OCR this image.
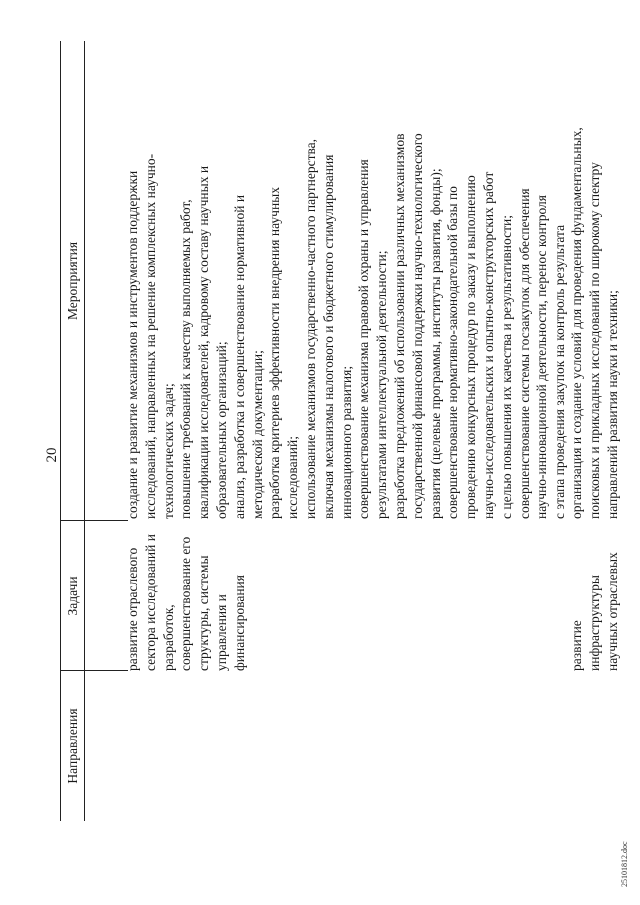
20
Направления
Задачи
Мероприятия
развитие отраслевого сектора исследований и разработок, совершенствование его структуры, системы управления и финансирования
создание и развитие механизмов и инструментов поддержки исследований, направленных на решение комплексных научно- технологических задач; повышение требований к качеству выполняемых работ, квалификации исследователей, кадровому составу научных и образовательных организаций; анализ, разработка и совершенствование нормативной и методической документации; разработка критериев эффективности внедрения научных исследований; использование механизмов государственно-частного партнерства, включая механизмы налогового и бюджетного стимулирования инновационного развития; совершенствование механизма правовой охраны и управления результатами интеллектуальной деятельности; разработка предложений об использовании различных механизмов государственной финансовой поддержки научно-технологического развития (целевые программы, институты развития, фонды); совершенствование нормативно-законодательной базы по проведению конкурсных процедур по заказу и выполнению научно-исследовательских и опытно-конструкторских работ с целью повышения их качества и результативности; совершенствование системы госзакупок для обеспечения научно-инновационной деятельности, перенос контроля с этапа проведения закупок на контроль результата
развитие инфраструктуры научных отраслевых
организация и создание условий для проведения фундаментальных, поисковых и прикладных исследований по широкому спектру направлений развития науки и техники;
25101812.doc
